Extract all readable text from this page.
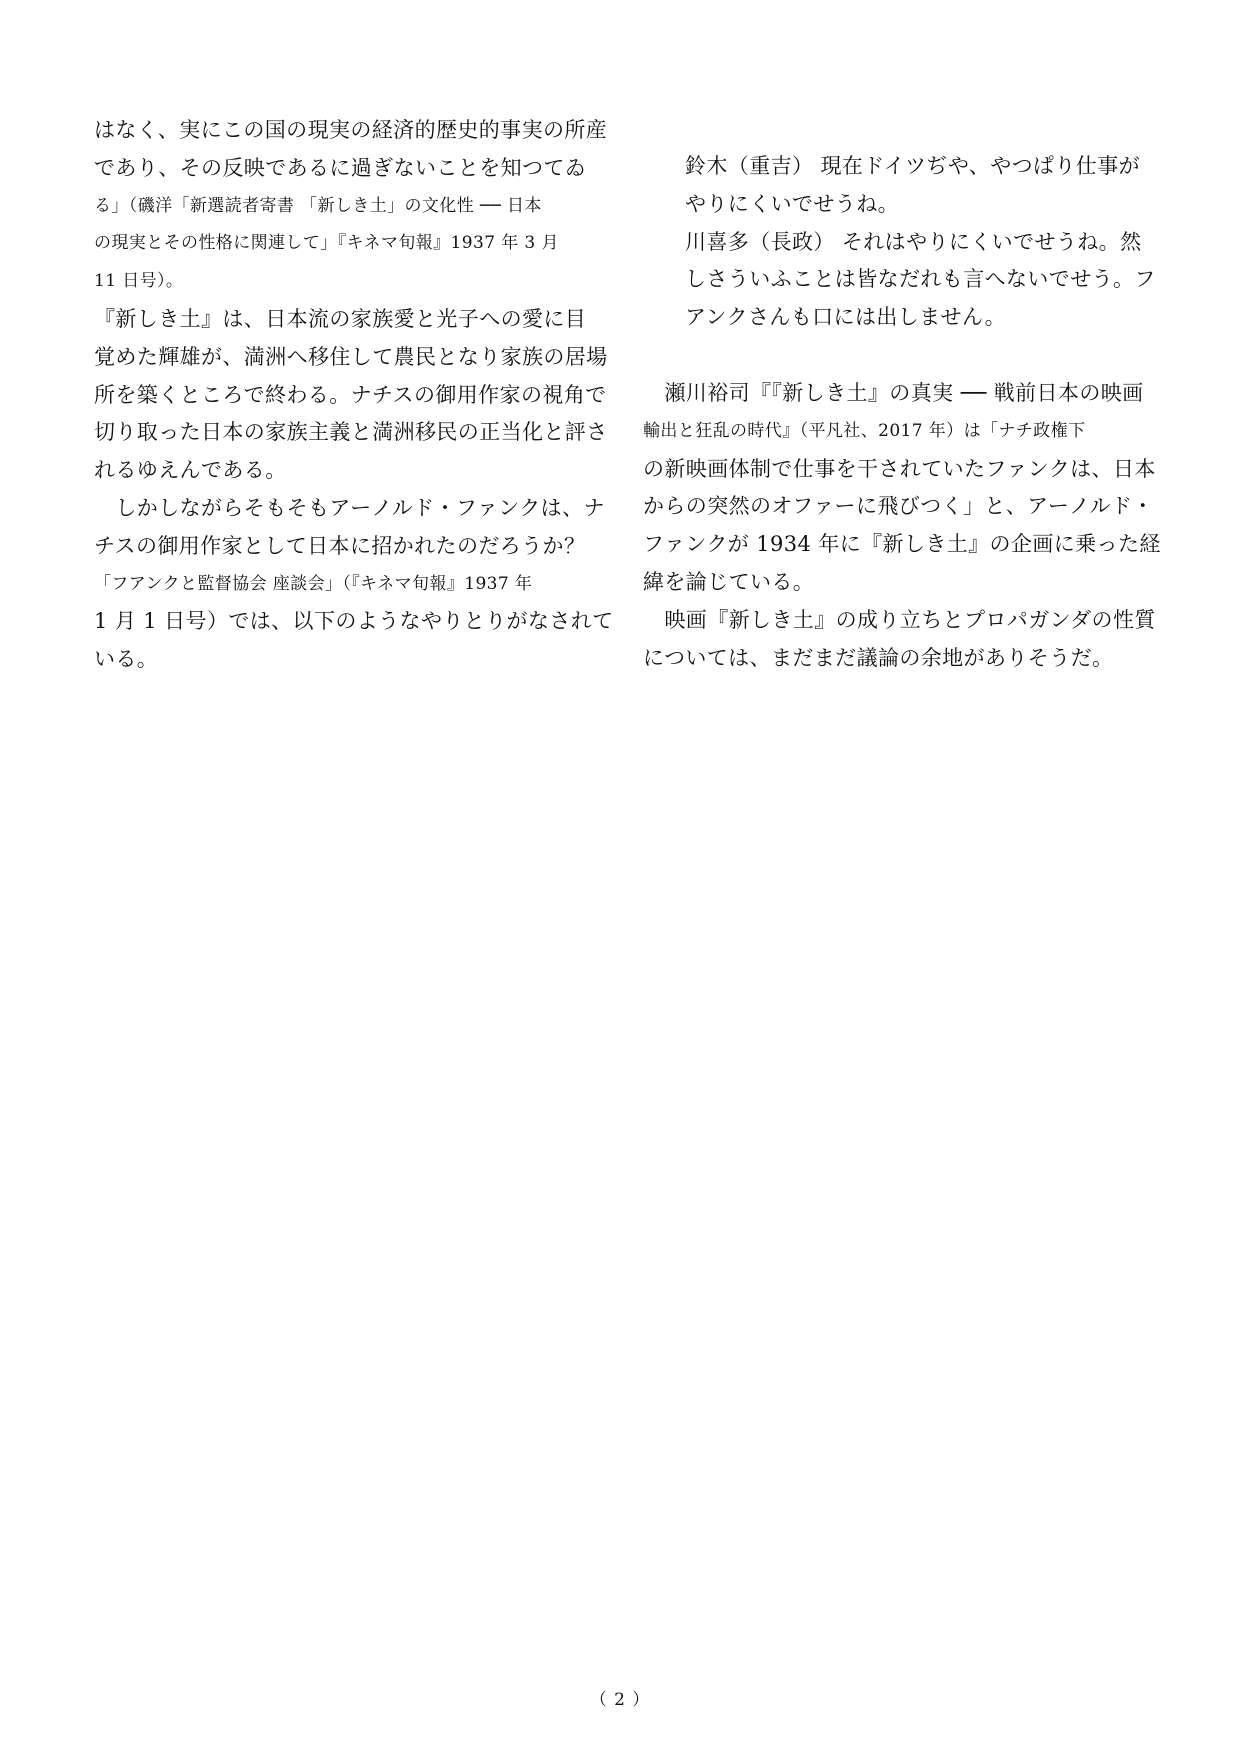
はなく、実にこの国の現実の経済的歴史的事実の所産
であり、その反映であるに過ぎないことを知つてゐ
る」（磯洋「新選読者寄書 「新しき土」の文化性 ── 日本
の現実とその性格に関連して」『キネマ旬報』1937 年 3 月
11 日号）。
『新しき土』は、日本流の家族愛と光子への愛に目
覚めた輝雄が、満洲へ移住して農民となり家族の居場
所を築くところで終わる。ナチスの御用作家の視角で
切り取った日本の家族主義と満洲移民の正当化と評さ
れるゆえんである。
　しかしながらそもそもアーノルド・ファンクは、ナ
チスの御用作家として日本に招かれたのだろうか？
「フアンクと監督協会 座談会」（『キネマ旬報』1937 年
1 月 1 日号）では、以下のようなやりとりがなされて
いる。
鈴木（重吉） 現在ドイツぢや、やつぱり仕事が
やりにくいでせうね。
川喜多（長政） それはやりにくいでせうね。然
しさういふことは皆なだれも言へないでせう。フ
アンクさんも口には出しません。
　瀬川裕司『『新しき土』の真実 ── 戦前日本の映画
輸出と狂乱の時代』（平凡社、2017 年）は「ナチ政権下
の新映画体制で仕事を干されていたファンクは、日本
からの突然のオファーに飛びつく」と、アーノルド・
ファンクが 1934 年に『新しき土』の企画に乗った経
緯を論じている。
　映画『新しき土』の成り立ちとプロパガンダの性質
については、まだまだ議論の余地がありそうだ。
（ 2 ）
